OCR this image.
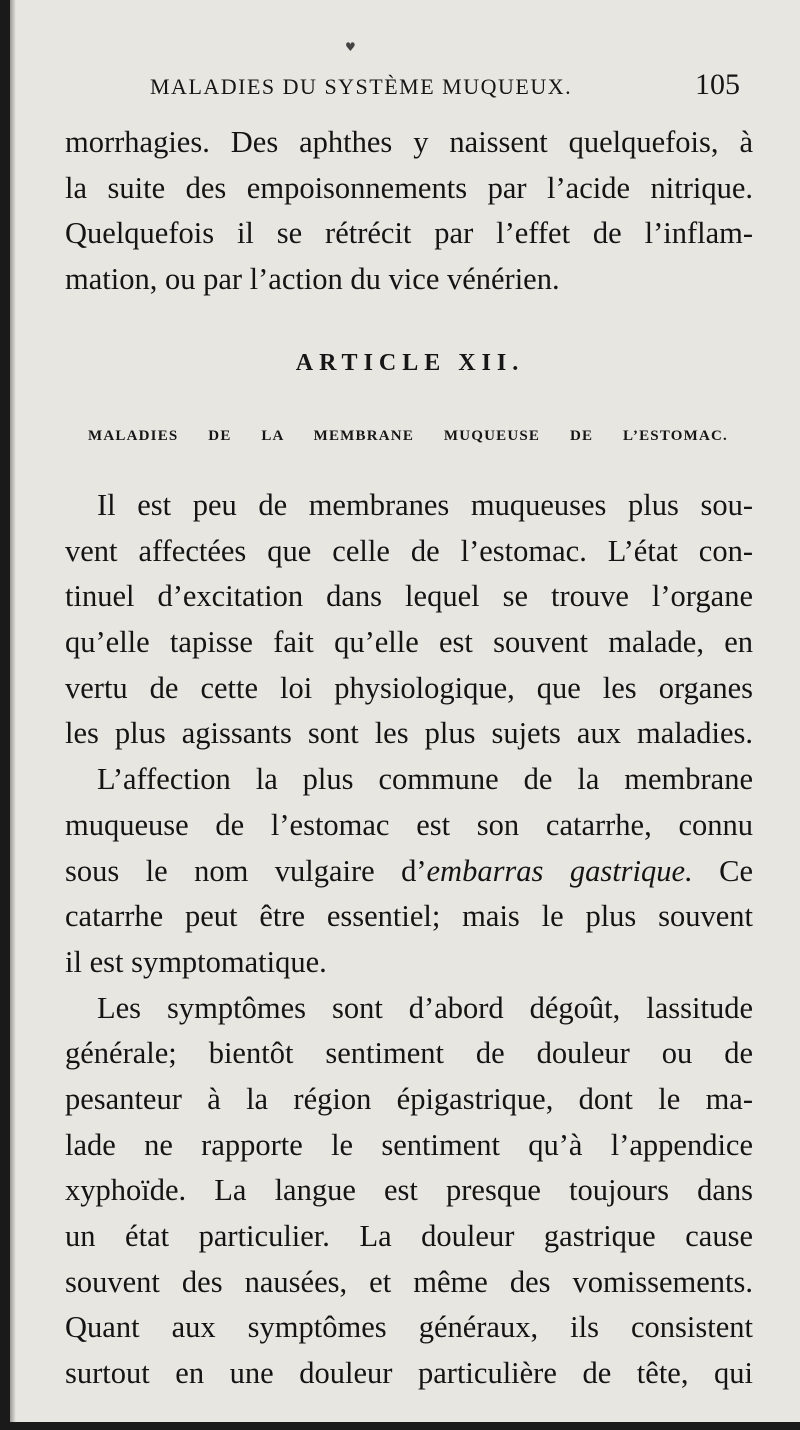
♥
MALADIES DU SYSTÈME MUQUEUX.	105
morrhagies. Des aphthes y naissent quelquefois, à
la suite des empoisonnements par l’acide nitrique.
Quelquefois il se rétrécit par l’effet de l’inflam-
mation, ou par l’action du vice vénérien.
ARTICLE XII.
MALADIES DE LA MEMBRANE MUQUEUSE DE L’ESTOMAC.
Il est peu de membranes muqueuses plus sou-
vent affectées que celle de l’estomac. L’état con-
tinuel d’excitation dans lequel se trouve l’organe
qu’elle tapisse fait qu’elle est souvent malade, en
vertu de cette loi physiologique, que les organes
les plus agissants sont les plus sujets aux maladies.
L’affection la plus commune de la membrane
muqueuse de l’estomac est son catarrhe, connu
sous le nom vulgaire d’embarras gastrique. Ce
catarrhe peut être essentiel; mais le plus souvent
il est symptomatique.
Les symptômes sont d’abord dégoût, lassitude
générale; bientôt sentiment de douleur ou de
pesanteur à la région épigastrique, dont le ma-
lade ne rapporte le sentiment qu’à l’appendice
xyphoïde. La langue est presque toujours dans
un état particulier. La douleur gastrique cause
souvent des nausées, et même des vomissements.
Quant aux symptômes généraux, ils consistent
surtout en une douleur particulière de tête, qui
